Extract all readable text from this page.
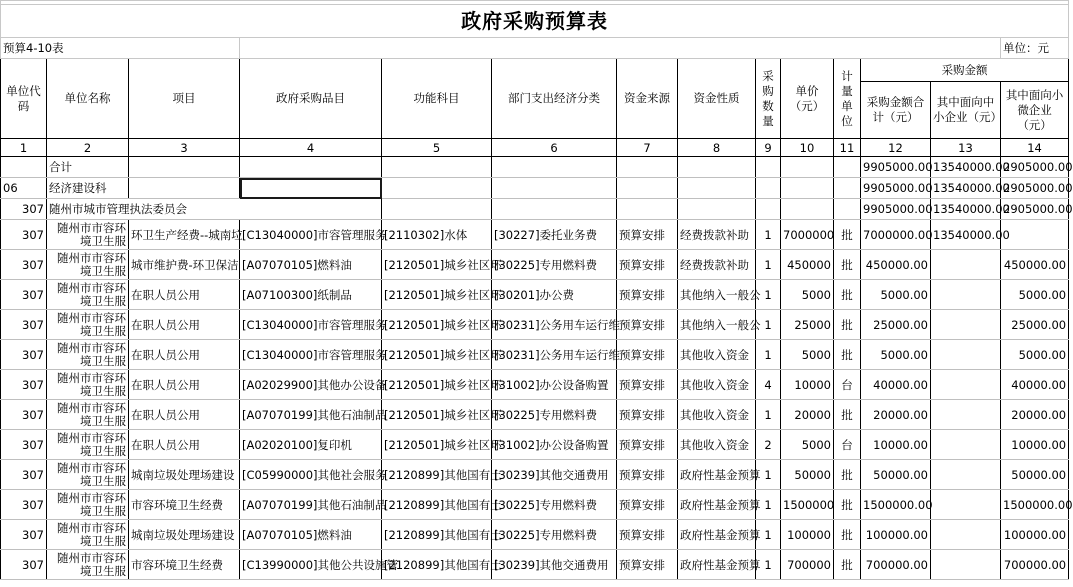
政府采购预算表													
预算4-10表													单位：元
单位代码	单位名称	项目	政府采购品目	功能科目	部门支出经济分类	资金来源	资金性质	采购数量	单价（元）	计量单位	采购金额		
											采购金额合计（元）	其中面向中小企业（元）	其中面向小微企业（元）
1	2	3	4	5	6	7	8	9	10	11	12	13	14
	合计										9905000.00	13540000.00	2905000.00
06	经济建设科										9905000.00	13540000.00	2905000.00
307	随州市城市管理执法委员会										9905000.00	13540000.00	2905000.00
307	随州市市容环境卫生服	环卫生产经费--城南垃	[C13040000]市容管理服务	[2110302]水体	[30227]委托业务费	预算安排	经费拨款补助	1	7000000	批	7000000.00	13540000.00	
307	随州市市容环境卫生服	城市维护费-环卫保洁	[A07070105]燃料油	[2120501]城乡社区环	[30225]专用燃料费	预算安排	经费拨款补助	1	450000	批	450000.00		450000.00
307	随州市市容环境卫生服	在职人员公用	[A07100300]纸制品	[2120501]城乡社区环	[30201]办公费	预算安排	其他纳入一般公	1	5000	批	5000.00		5000.00
307	随州市市容环境卫生服	在职人员公用	[C13040000]市容管理服务	[2120501]城乡社区环	[30231]公务用车运行维	预算安排	其他纳入一般公	1	25000	批	25000.00		25000.00
307	随州市市容环境卫生服	在职人员公用	[C13040000]市容管理服务	[2120501]城乡社区环	[30231]公务用车运行维	预算安排	其他收入资金	1	5000	批	5000.00		5000.00
307	随州市市容环境卫生服	在职人员公用	[A02029900]其他办公设备	[2120501]城乡社区环	[31002]办公设备购置	预算安排	其他收入资金	4	10000	台	40000.00		40000.00
307	随州市市容环境卫生服	在职人员公用	[A07070199]其他石油制品	[2120501]城乡社区环	[30225]专用燃料费	预算安排	其他收入资金	1	20000	批	20000.00		20000.00
307	随州市市容环境卫生服	在职人员公用	[A02020100]复印机	[2120501]城乡社区环	[31002]办公设备购置	预算安排	其他收入资金	2	5000	台	10000.00		10000.00
307	随州市市容环境卫生服	城南垃圾处理场建设	[C05990000]其他社会服务	[2120899]其他国有土	[30239]其他交通费用	预算安排	政府性基金预算	1	50000	批	50000.00		50000.00
307	随州市市容环境卫生服	市容环境卫生经费	[A07070199]其他石油制品	[2120899]其他国有土	[30225]专用燃料费	预算安排	政府性基金预算	1	1500000	批	1500000.00		1500000.00
307	随州市市容环境卫生服	城南垃圾处理场建设	[A07070105]燃料油	[2120899]其他国有土	[30225]专用燃料费	预算安排	政府性基金预算	1	100000	批	100000.00		100000.00
307	随州市市容环境卫生服	市容环境卫生经费	[C13990000]其他公共设施管	[2120899]其他国有土	[30239]其他交通费用	预算安排	政府性基金预算	1	700000	批	700000.00		700000.00
